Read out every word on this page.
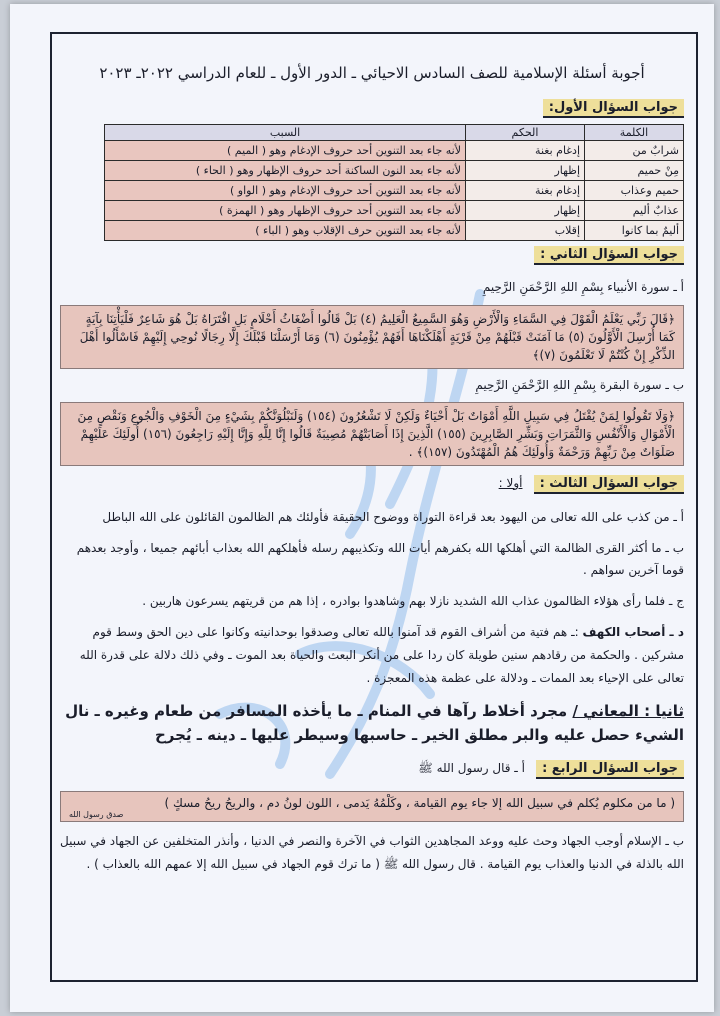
أجوبة أسئلة الإسلامية للصف السادس الاحيائي ـ الدور الأول ـ للعام الدراسي ٢٠٢٢ـ ٢٠٢٣
جواب السؤال الأول:
الكلمة	الحكم	السبب
شرابٌ من	إدغام بغنة	لأنه جاء بعد التنوين أحد حروف الإدغام وهو ( الميم )
مِنْ حميم	إظهار	لأنه جاء بعد النون الساكنة أحد حروف الإظهار وهو ( الحاء )
حميم وعذاب	إدغام بغنة	لأنه جاء بعد التنوين أحد حروف الإدغام وهو ( الواو )
عذابٌ أليم	إظهار	لأنه جاء بعد التنوين أحد حروف الإظهار وهو ( الهمزة )
أليمٌ بما كانوا	إقلاب	لأنه جاء بعد التنوين حرف الإقلاب وهو ( الباء )
جواب السؤال الثاني :
أ ـ سورة الأنبياء بِسْمِ اللهِ الرَّحْمَنِ الرَّحِيمِ
﴿قَالَ رَبِّي يَعْلَمُ الْقَوْلَ فِي السَّمَاءِ وَالْأَرْضِ وَهُوَ السَّمِيعُ الْعَلِيمُ (٤) بَلْ قَالُوا أَضْغَاثُ أَحْلَامٍ بَلِ افْتَرَاهُ بَلْ هُوَ شَاعِرٌ فَلْيَأْتِنَا بِآيَةٍ كَمَا أُرْسِلَ الْأَوَّلُونَ (٥) مَا آمَنَتْ قَبْلَهُمْ مِنْ قَرْيَةٍ أَهْلَكْنَاهَا أَفَهُمْ يُؤْمِنُونَ (٦) وَمَا أَرْسَلْنَا قَبْلَكَ إِلَّا رِجَالًا نُوحِي إِلَيْهِمْ فَاسْأَلُوا أَهْلَ الذِّكْرِ إِنْ كُنْتُمْ لَا تَعْلَمُونَ (٧)﴾
ب ـ سورة البقرة بِسْمِ اللهِ الرَّحْمَنِ الرَّحِيمِ
﴿وَلَا تَقُولُوا لِمَنْ يُقْتَلُ فِي سَبِيلِ اللَّهِ أَمْوَاتٌ بَلْ أَحْيَاءٌ وَلَكِنْ لَا تَشْعُرُونَ (١٥٤) وَلَنَبْلُوَنَّكُمْ بِشَيْءٍ مِنَ الْخَوْفِ وَالْجُوعِ وَنَقْصٍ مِنَ الْأَمْوَالِ وَالْأَنْفُسِ وَالثَّمَرَاتِ وَبَشِّرِ الصَّابِرِينَ (١٥٥) الَّذِينَ إِذَا أَصَابَتْهُمْ مُصِيبَةٌ قَالُوا إِنَّا لِلَّهِ وَإِنَّا إِلَيْهِ رَاجِعُونَ (١٥٦) أُولَئِكَ عَلَيْهِمْ صَلَوَاتٌ مِنْ رَبِّهِمْ وَرَحْمَةٌ وَأُولَئِكَ هُمُ الْمُهْتَدُونَ (١٥٧)﴾ .
جواب السؤال الثالث : أولا :
أ ـ من كذب على الله تعالى من اليهود بعد قراءة التوراة ووضوح الحقيقة فأولئك هم الظالمون القائلون على الله الباطل
ب ـ ما أكثر القرى الظالمة التي أهلكها الله بكفرهم أيات الله وتكذيبهم رسله فأهلكهم الله بعذاب أبائهم جميعا ، وأوجد بعدهم قوما آخرين سواهم .
ج ـ فلما رأى هؤلاء الظالمون عذاب الله الشديد نازلا بهم وشاهدوا بوادره ، إذا هم من قريتهم يسرعون هاربين .
د ـ أصحاب الكهف :ـ هم فتية من أشراف القوم قد آمنوا بالله تعالى وصدقوا بوحدانيته وكانوا على دين الحق وسط قوم مشركين . والحكمة من رقادهم سنين طويلة كان ردا على من أنكر البعث والحياة بعد الموت ـ وفي ذلك دلالة على قدرة الله تعالى على الإحياء بعد الممات ـ ودلالة على عظمة هذه المعجزة .
ثانيا : المعاني / مجرد أخلاط رآها في المنام ـ ما يأخذه المسافر من طعام وغيره ـ نال الشيء حصل عليه والبر مطلق الخير ـ حاسبها وسيطر عليها ـ دينه ـ يُجرح
جواب السؤال الرابع : أ ـ قال رسول الله ﷺ
( ما من مكلوم يُكلم في سبيل الله إلا جاء يوم القيامة ، وكَلْمُهُ يَدمى ، اللون لونُ دم ، والريحُ ريحُ مسكٍ )
صدق رسول الله
ب ـ الإسلام أوجب الجهاد وحث عليه ووعد المجاهدين الثواب في الآخرة والنصر في الدنيا ، وأنذر المتخلفين عن الجهاد في سبيل الله بالذلة في الدنيا والعذاب يوم القيامة . قال رسول الله ﷺ ( ما ترك قوم الجهاد في سبيل الله إلا عمهم الله بالعذاب ) .
